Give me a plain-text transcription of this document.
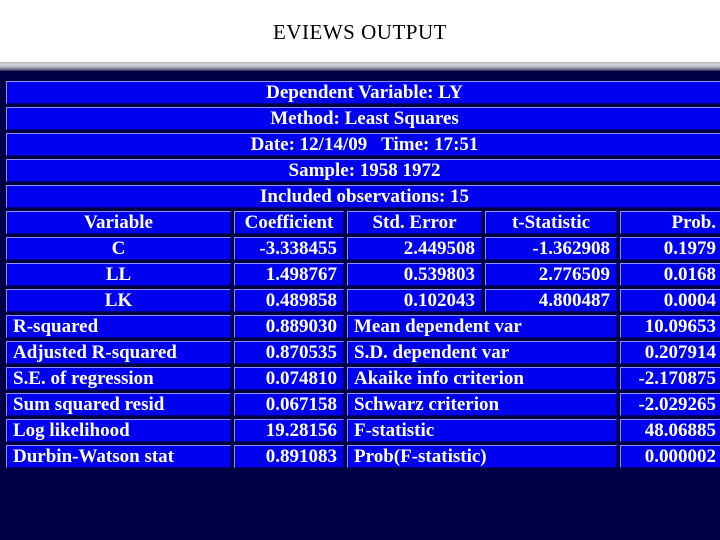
EVIEWS OUTPUT
Dependent Variable: LY				
Method: Least Squares				
Date: 12/14/09   Time: 17:51				
Sample: 1958 1972				
Included observations: 15				
Variable	Coefficient	Std. Error	t-Statistic	Prob.
C	-3.338455	2.449508	-1.362908	0.1979
LL	1.498767	0.539803	2.776509	0.0168
LK	0.489858	0.102043	4.800487	0.0004
R-squared	0.889030	Mean dependent var		10.09653
Adjusted R-squared	0.870535	S.D. dependent var		0.207914
S.E. of regression	0.074810	Akaike info criterion		-2.170875
Sum squared resid	0.067158	Schwarz criterion		-2.029265
Log likelihood	19.28156	F-statistic		48.06885
Durbin-Watson stat	0.891083	Prob(F-statistic)		0.000002
